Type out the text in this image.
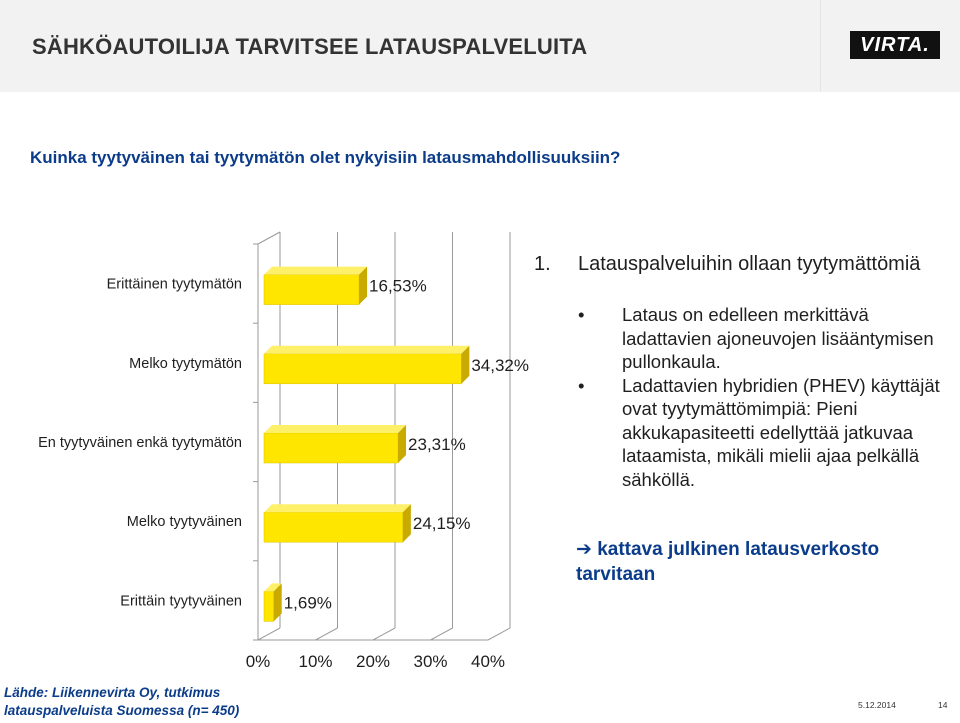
SÄHKÖAUTOILIJA TARVITSEE LATAUSPALVELUITA	VIRTA.
Kuinka tyytyväinen tai tyytymätön olet nykyisiin latausmahdollisuuksiin?
0% 10% 20% 30% 40%
Erittäinen tyytymätön	16,53%
Melko tyytymätön	34,32%
En tyytyväinen enkä tyytymätön	23,31%
Melko tyytyväinen	24,15%
Erittäin tyytyväinen 1,69%
1. Latauspalveluihin ollaan tyytymättömiä
• Lataus on edelleen merkittävä ladattavien ajoneuvojen lisääntymisen pullonkaula.
• Ladattavien hybridien (PHEV) käyttäjät ovat tyytymättömimpiä: Pieni akkukapasiteetti edellyttää jatkuvaa lataamista, mikäli mielii ajaa pelkällä sähköllä.
➔ kattava julkinen latausverkosto tarvitaan
Lähde: Liikennevirta Oy, tutkimus
latauspalveluista Suomessa (n= 450)	5.12.2014	14
